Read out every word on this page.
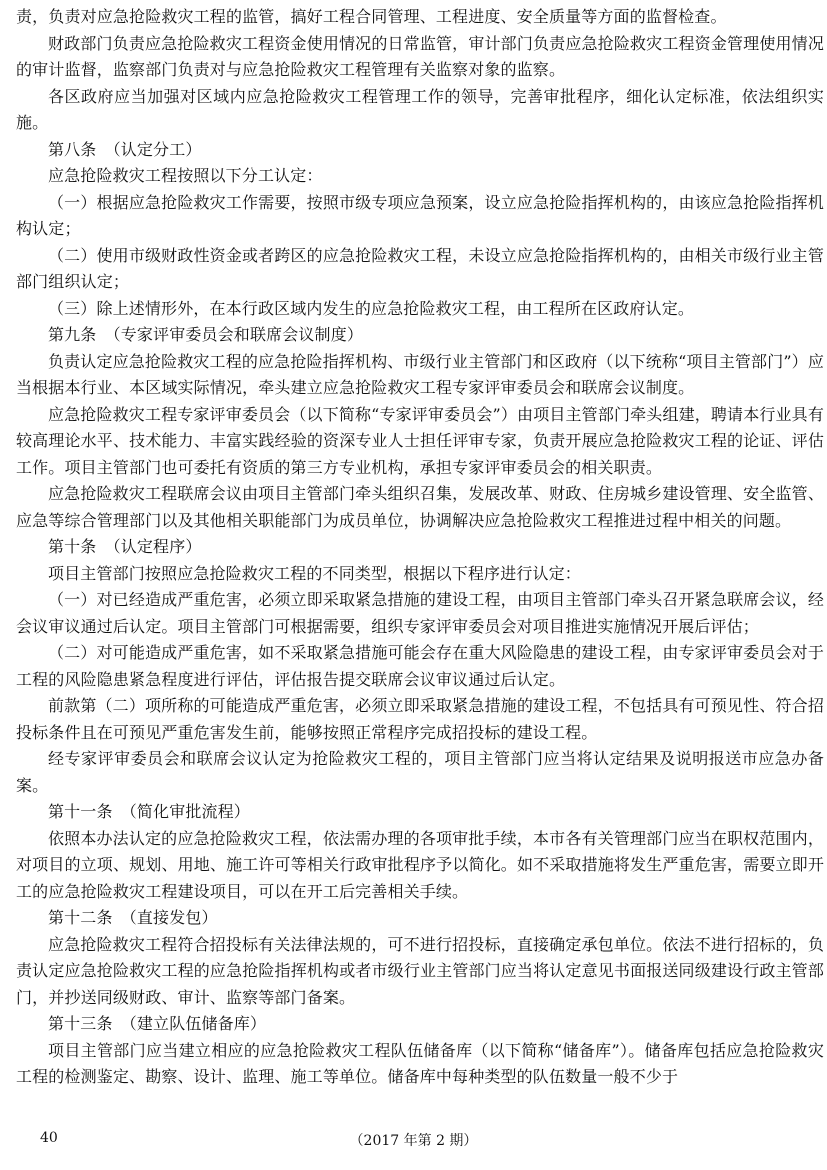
责，负责对应急抢险救灾工程的监管，搞好工程合同管理、工程进度、安全质量等方面的监督检查。

财政部门负责应急抢险救灾工程资金使用情况的日常监管，审计部门负责应急抢险救灾工程资金管理使用情况的审计监督，监察部门负责对与应急抢险救灾工程管理有关监察对象的监察。

各区政府应当加强对区域内应急抢险救灾工程管理工作的领导，完善审批程序，细化认定标准，依法组织实施。

第八条　（认定分工）

应急抢险救灾工程按照以下分工认定：

（一）根据应急抢险救灾工作需要，按照市级专项应急预案，设立应急抢险指挥机构的，由该应急抢险指挥机构认定；

（二）使用市级财政性资金或者跨区的应急抢险救灾工程，未设立应急抢险指挥机构的，由相关市级行业主管部门组织认定；

（三）除上述情形外，在本行政区域内发生的应急抢险救灾工程，由工程所在区政府认定。

第九条　（专家评审委员会和联席会议制度）

负责认定应急抢险救灾工程的应急抢险指挥机构、市级行业主管部门和区政府（以下统称“项目主管部门”）应当根据本行业、本区域实际情况，牵头建立应急抢险救灾工程专家评审委员会和联席会议制度。

应急抢险救灾工程专家评审委员会（以下简称“专家评审委员会”）由项目主管部门牵头组建，聘请本行业具有较高理论水平、技术能力、丰富实践经验的资深专业人士担任评审专家，负责开展应急抢险救灾工程的论证、评估工作。项目主管部门也可委托有资质的第三方专业机构，承担专家评审委员会的相关职责。

应急抢险救灾工程联席会议由项目主管部门牵头组织召集，发展改革、财政、住房城乡建设管理、安全监管、应急等综合管理部门以及其他相关职能部门为成员单位，协调解决应急抢险救灾工程推进过程中相关的问题。

第十条　（认定程序）

项目主管部门按照应急抢险救灾工程的不同类型，根据以下程序进行认定：

（一）对已经造成严重危害，必须立即采取紧急措施的建设工程，由项目主管部门牵头召开紧急联席会议，经会议审议通过后认定。项目主管部门可根据需要，组织专家评审委员会对项目推进实施情况开展后评估；

（二）对可能造成严重危害，如不采取紧急措施可能会存在重大风险隐患的建设工程，由专家评审委员会对于工程的风险隐患紧急程度进行评估，评估报告提交联席会议审议通过后认定。

前款第（二）项所称的可能造成严重危害，必须立即采取紧急措施的建设工程，不包括具有可预见性、符合招投标条件且在可预见严重危害发生前，能够按照正常程序完成招投标的建设工程。

经专家评审委员会和联席会议认定为抢险救灾工程的，项目主管部门应当将认定结果及说明报送市应急办备案。

第十一条　（简化审批流程）

依照本办法认定的应急抢险救灾工程，依法需办理的各项审批手续，本市各有关管理部门应当在职权范围内，对项目的立项、规划、用地、施工许可等相关行政审批程序予以简化。如不采取措施将发生严重危害，需要立即开工的应急抢险救灾工程建设项目，可以在开工后完善相关手续。

第十二条　（直接发包）

应急抢险救灾工程符合招投标有关法律法规的，可不进行招投标，直接确定承包单位。依法不进行招标的，负责认定应急抢险救灾工程的应急抢险指挥机构或者市级行业主管部门应当将认定意见书面报送同级建设行政主管部门，并抄送同级财政、审计、监察等部门备案。

第十三条　（建立队伍储备库）

项目主管部门应当建立相应的应急抢险救灾工程队伍储备库（以下简称“储备库”）。储备库包括应急抢险救灾工程的检测鉴定、勘察、设计、监理、施工等单位。储备库中每种类型的队伍数量一般不少于

40	（2017 年第 2 期）
